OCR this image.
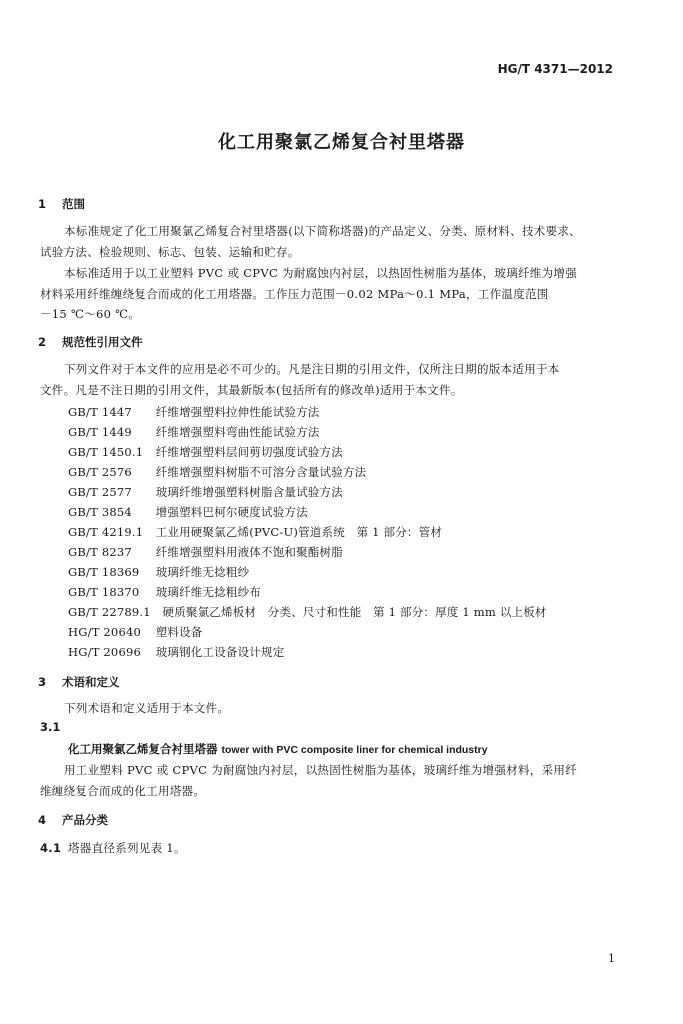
HG/T 4371—2012
化工用聚氯乙烯复合衬里塔器
1 范围
本标准规定了化工用聚氯乙烯复合衬里塔器(以下简称塔器)的产品定义、分类、原材料、技术要求、
试验方法、检验规则、标志、包装、运输和贮存。
本标准适用于以工业塑料 PVC 或 CPVC 为耐腐蚀内衬层，以热固性树脂为基体，玻璃纤维为增强
材料采用纤维缠绕复合而成的化工用塔器。工作压力范围－0.02 MPa～0.1 MPa，工作温度范围
－15 ℃～60 ℃。
2 规范性引用文件
下列文件对于本文件的应用是必不可少的。凡是注日期的引用文件，仅所注日期的版本适用于本
文件。凡是不注日期的引用文件，其最新版本(包括所有的修改单)适用于本文件。
GB/T 1447　 纤维增强塑料拉伸性能试验方法
GB/T 1449　 纤维增强塑料弯曲性能试验方法
GB/T 1450.1　 纤维增强塑料层间剪切强度试验方法
GB/T 2576　 纤维增强塑料树脂不可溶分含量试验方法
GB/T 2577　 玻璃纤维增强塑料树脂含量试验方法
GB/T 3854　 增强塑料巴柯尔硬度试验方法
GB/T 4219.1　 工业用硬聚氯乙烯(PVC-U)管道系统　第 1 部分：管材
GB/T 8237　 纤维增强塑料用液体不饱和聚酯树脂
GB/T 18369　 玻璃纤维无捻粗纱
GB/T 18370　 玻璃纤维无捻粗纱布
GB/T 22789.1　 硬质聚氯乙烯板材　分类、尺寸和性能　第 1 部分：厚度 1 mm 以上板材
HG/T 20640　 塑料设备
HG/T 20696　 玻璃钢化工设备设计规定
3 术语和定义
下列术语和定义适用于本文件。
3.1
化工用聚氯乙烯复合衬里塔器 tower with PVC composite liner for chemical industry
用工业塑料 PVC 或 CPVC 为耐腐蚀内衬层，以热固性树脂为基体，玻璃纤维为增强材料，采用纤
维缠绕复合而成的化工用塔器。
4 产品分类
4.1 塔器直径系列见表 1。
1
